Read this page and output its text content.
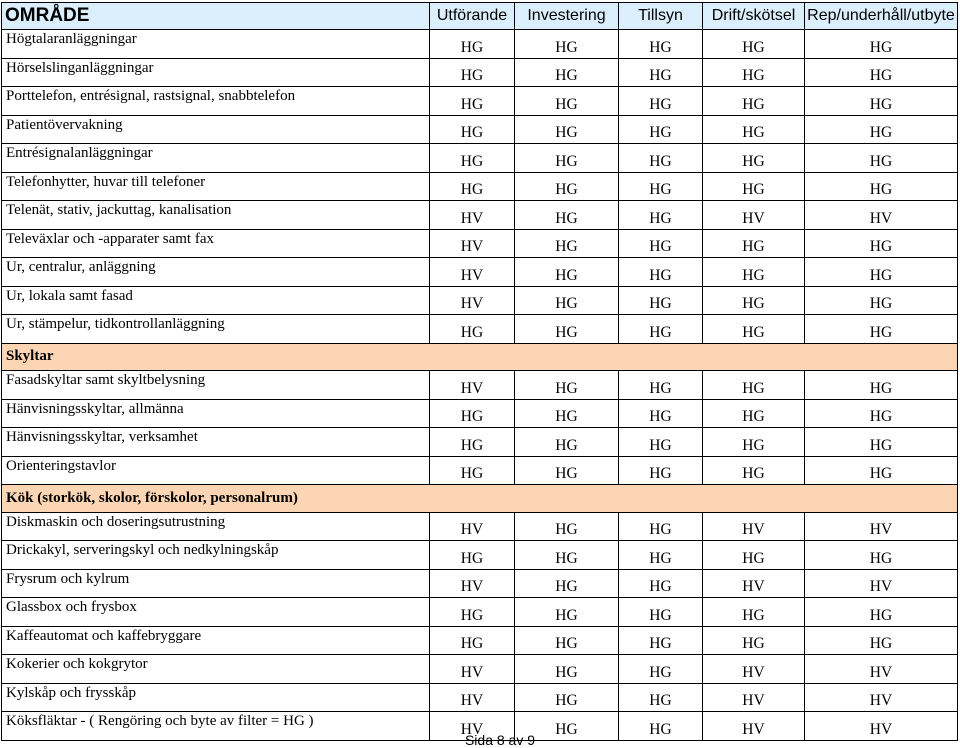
OMRÅDE	Utförande	Investering	Tillsyn	Drift/skötsel	Rep/underhåll/utbyte
Högtalaranläggningar	HG	HG	HG	HG	HG
Hörselslinganläggningar	HG	HG	HG	HG	HG
Porttelefon, entrésignal, rastsignal, snabbtelefon	HG	HG	HG	HG	HG
Patientövervakning	HG	HG	HG	HG	HG
Entrésignalanläggningar	HG	HG	HG	HG	HG
Telefonhytter, huvar till telefoner	HG	HG	HG	HG	HG
Telenät, stativ, jackuttag, kanalisation	HV	HG	HG	HV	HV
Televäxlar och -apparater samt fax	HV	HG	HG	HG	HG
Ur, centralur, anläggning	HV	HG	HG	HG	HG
Ur, lokala samt fasad	HV	HG	HG	HG	HG
Ur, stämpelur, tidkontrollanläggning	HG	HG	HG	HG	HG
Skyltar					
Fasadskyltar samt skyltbelysning	HV	HG	HG	HG	HG
Hänvisningsskyltar, allmänna	HG	HG	HG	HG	HG
Hänvisningsskyltar, verksamhet	HG	HG	HG	HG	HG
Orienteringstavlor	HG	HG	HG	HG	HG
Kök (storkök, skolor, förskolor, personalrum)					
Diskmaskin och doseringsutrustning	HV	HG	HG	HV	HV
Drickakyl, serveringskyl och nedkylningskåp	HG	HG	HG	HG	HG
Frysrum och kylrum	HV	HG	HG	HV	HV
Glassbox och frysbox	HG	HG	HG	HG	HG
Kaffeautomat och kaffebryggare	HG	HG	HG	HG	HG
Kokerier och kokgrytor	HV	HG	HG	HV	HV
Kylskåp och frysskåp	HV	HG	HG	HV	HV
Köksfläktar - ( Rengöring och byte av filter = HG )	HV	HG	HG	HV	HV
Sida 8 av 9
